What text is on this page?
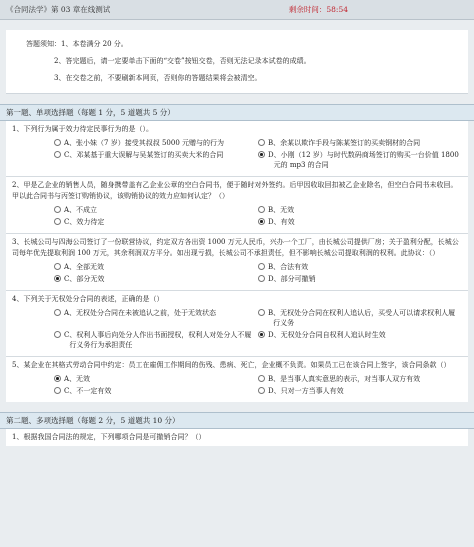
《合同法学》第 03 章在线测试	剩余时间：58:54
答题须知：1、本卷满分 20 分。
2、答完题后，请一定要单击下面的“交卷”按钮交卷，否则无法记录本试卷的成绩。
3、在交卷之前，不要刷新本网页，否则你的答题结果将会被清空。
第一题、单项选择题（每题 1 分，5 道题共 5 分）
1、下列行为属于效力待定民事行为的是（）。
A 、张小妹（7 岁）接受其叔叔 5000 元赠与的行为	B 、余某以欺诈手段与陈某签订的买卖钢材的合同
C 、邓某基于重大误解与吴某签订的买卖大米的合同	D 、小刚（12 岁）与时代数码商场签订的购买一台价值 1800 元的 mp3 的合同
2、甲是乙企业的销售人员，随身携带盖有乙企业公章的空白合同书，便于随时对外签约。后甲因收取回扣被乙企业除名，但空白合同书未收回。甲以此合同书与丙签订购销协议，该购销协议的效力应如何认定？（）
A 、不成立	B 、无效
C 、效力待定	D 、有效
3、长城公司与四海公司签订了一份联营协议，约定双方各出资 1000 万元人民币，兴办一个工厂，由长城公司提供厂房；关于盈利分配，长城公司每年优先提取利润 100 万元，其余利润双方平分。如出现亏损，长城公司不承担责任，但不影响长城公司提取利润的权利。此协议：（）
A 、全部无效	B 、合法有效
C 、部分无效	D 、部分可撤销
4、下列关于无权处分合同的表述，正确的是（）
A 、无权处分合同在未被追认之前，处于无效状态	B 、无权处分合同在权利人追认后，买受人可以请求权利人履行义务
C 、权利人事后向处分人作出书面授权，权利人对处分人不履行义务行为承担责任
D 、无权处分合同自权利人追认时生效
5、某企业在其格式劳动合同中约定：员工在雇佣工作期间的伤残、患病、死亡，企业概不负责。如果员工已在该合同上签字，该合同条款（）
A 、无效	B 、是当事人真实意思的表示，对当事人双方有效
C 、不一定有效	D 、只对一方当事人有效
第二题、多项选择题（每题 2 分，5 道题共 10 分）
1、根据我国合同法的规定，下列哪项合同是可撤销合同？（）
